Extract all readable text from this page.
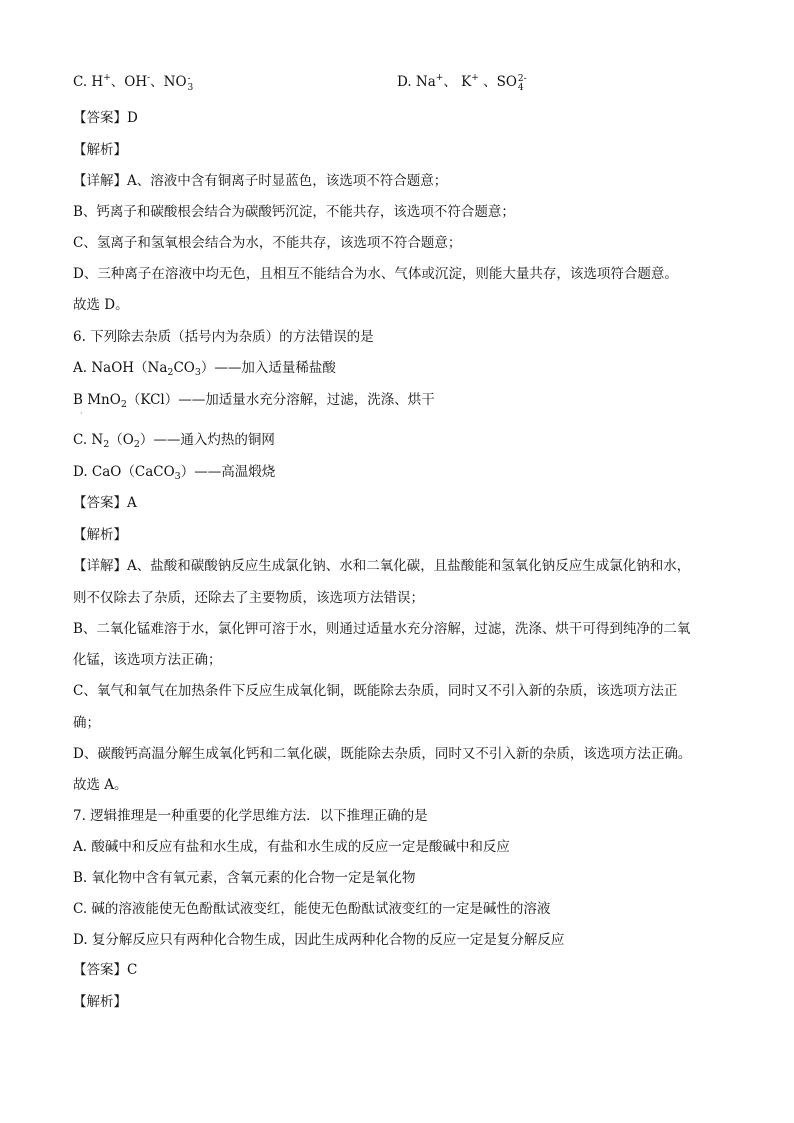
C. H+、OH-、NO -
3	D. Na+、 K+ 、SO 2-
4
【答案】D
【解析】
【详解】A、溶液中含有铜离子时显蓝色，该选项不符合题意；
B、钙离子和碳酸根会结合为碳酸钙沉淀，不能共存，该选项不符合题意；
C、氢离子和氢氧根会结合为水，不能共存，该选项不符合题意；
D、三种离子在溶液中均无色，且相互不能结合为水、气体或沉淀，则能大量共存，该选项符合题意。
故选 D。
6. 下列除去杂质（括号内为杂质）的方法错误的是
A. $NaOH(Na_2CO_3)——$加入适量稀盐酸
B MnO$_2$（KCl）——加适量水充分溶解，过滤，洗涤、烘干
·
C. $N_2(O_2)——$通入灼热的铜网
D. CaO（CaCO$_3$）——高温煅烧
【答案】A
【解析】
【详解】A、盐酸和碳酸钠反应生成氯化钠、水和二氧化碳，且盐酸能和氢氧化钠反应生成氯化钠和水，
则不仅除去了杂质，还除去了主要物质，该选项方法错误；
B、二氧化锰难溶于水，氯化钾可溶于水，则通过适量水充分溶解，过滤，洗涤、烘干可得到纯净的二氧
化锰，该选项方法正确；
C、氧气和氧气在加热条件下反应生成氧化铜，既能除去杂质，同时又不引入新的杂质，该选项方法正
确；
D、碳酸钙高温分解生成氧化钙和二氧化碳，既能除去杂质，同时又不引入新的杂质，该选项方法正确。
故选 A。
7. 逻辑推理是一种重要的化学思维方法．以下推理正确的是
A. 酸碱中和反应有盐和水生成，有盐和水生成的反应一定是酸碱中和反应
B. 氧化物中含有氧元素，含氧元素的化合物一定是氧化物
C. 碱的溶液能使无色酚酞试液变红，能使无色酚酞试液变红的一定是碱性的溶液
D. 复分解反应只有两种化合物生成，因此生成两种化合物的反应一定是复分解反应
【答案】C
【解析】
